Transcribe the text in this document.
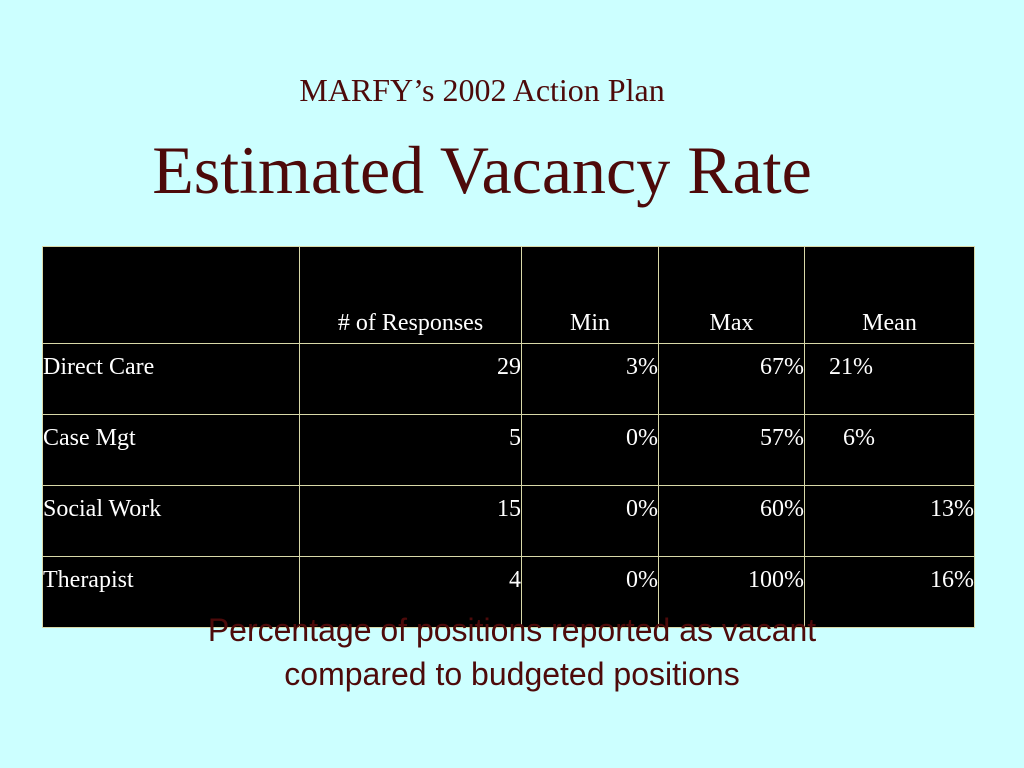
MARFY’s 2002 Action Plan
Estimated Vacancy Rate
	# of Responses	Min	Max	Mean
Direct Care	29	3%	67%	21%
Case Mgt	5	0%	57%	6%
Social Work	15	0%	60%	13%
Therapist	4	0%	100%	16%
Percentage of positions reported as vacant
compared to budgeted positions
